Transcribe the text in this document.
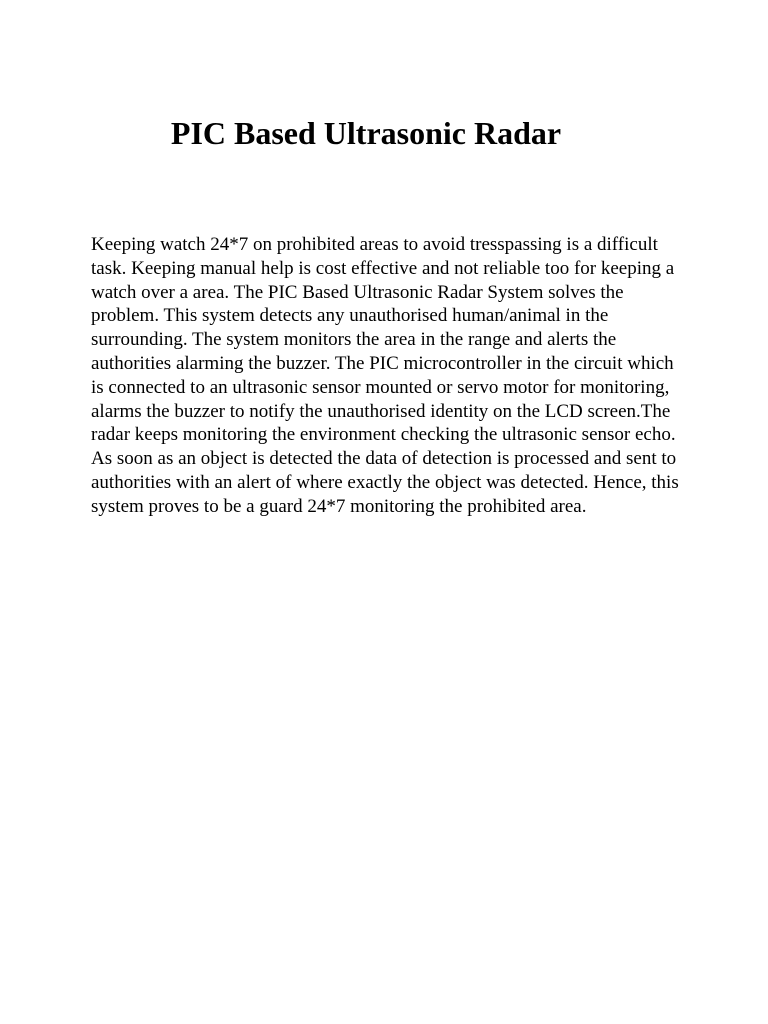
PIC Based Ultrasonic Radar

Keeping watch 24*7 on prohibited areas to avoid tresspassing is a difficult task. Keeping manual help is cost effective and not reliable too for keeping a watch over a area. The PIC Based Ultrasonic Radar System solves the problem. This system detects any unauthorised human/animal in the surrounding. The system monitors the area in the range and alerts the authorities alarming the buzzer. The PIC microcontroller in the circuit which is connected to an ultrasonic sensor mounted or servo motor for monitoring, alarms the buzzer to notify the unauthorised identity on the LCD screen.The radar keeps monitoring the environment checking the ultrasonic sensor echo. As soon as an object is detected the data of detection is processed and sent to authorities with an alert of where exactly the object was detected. Hence, this system proves to be a guard 24*7 monitoring the prohibited area.
